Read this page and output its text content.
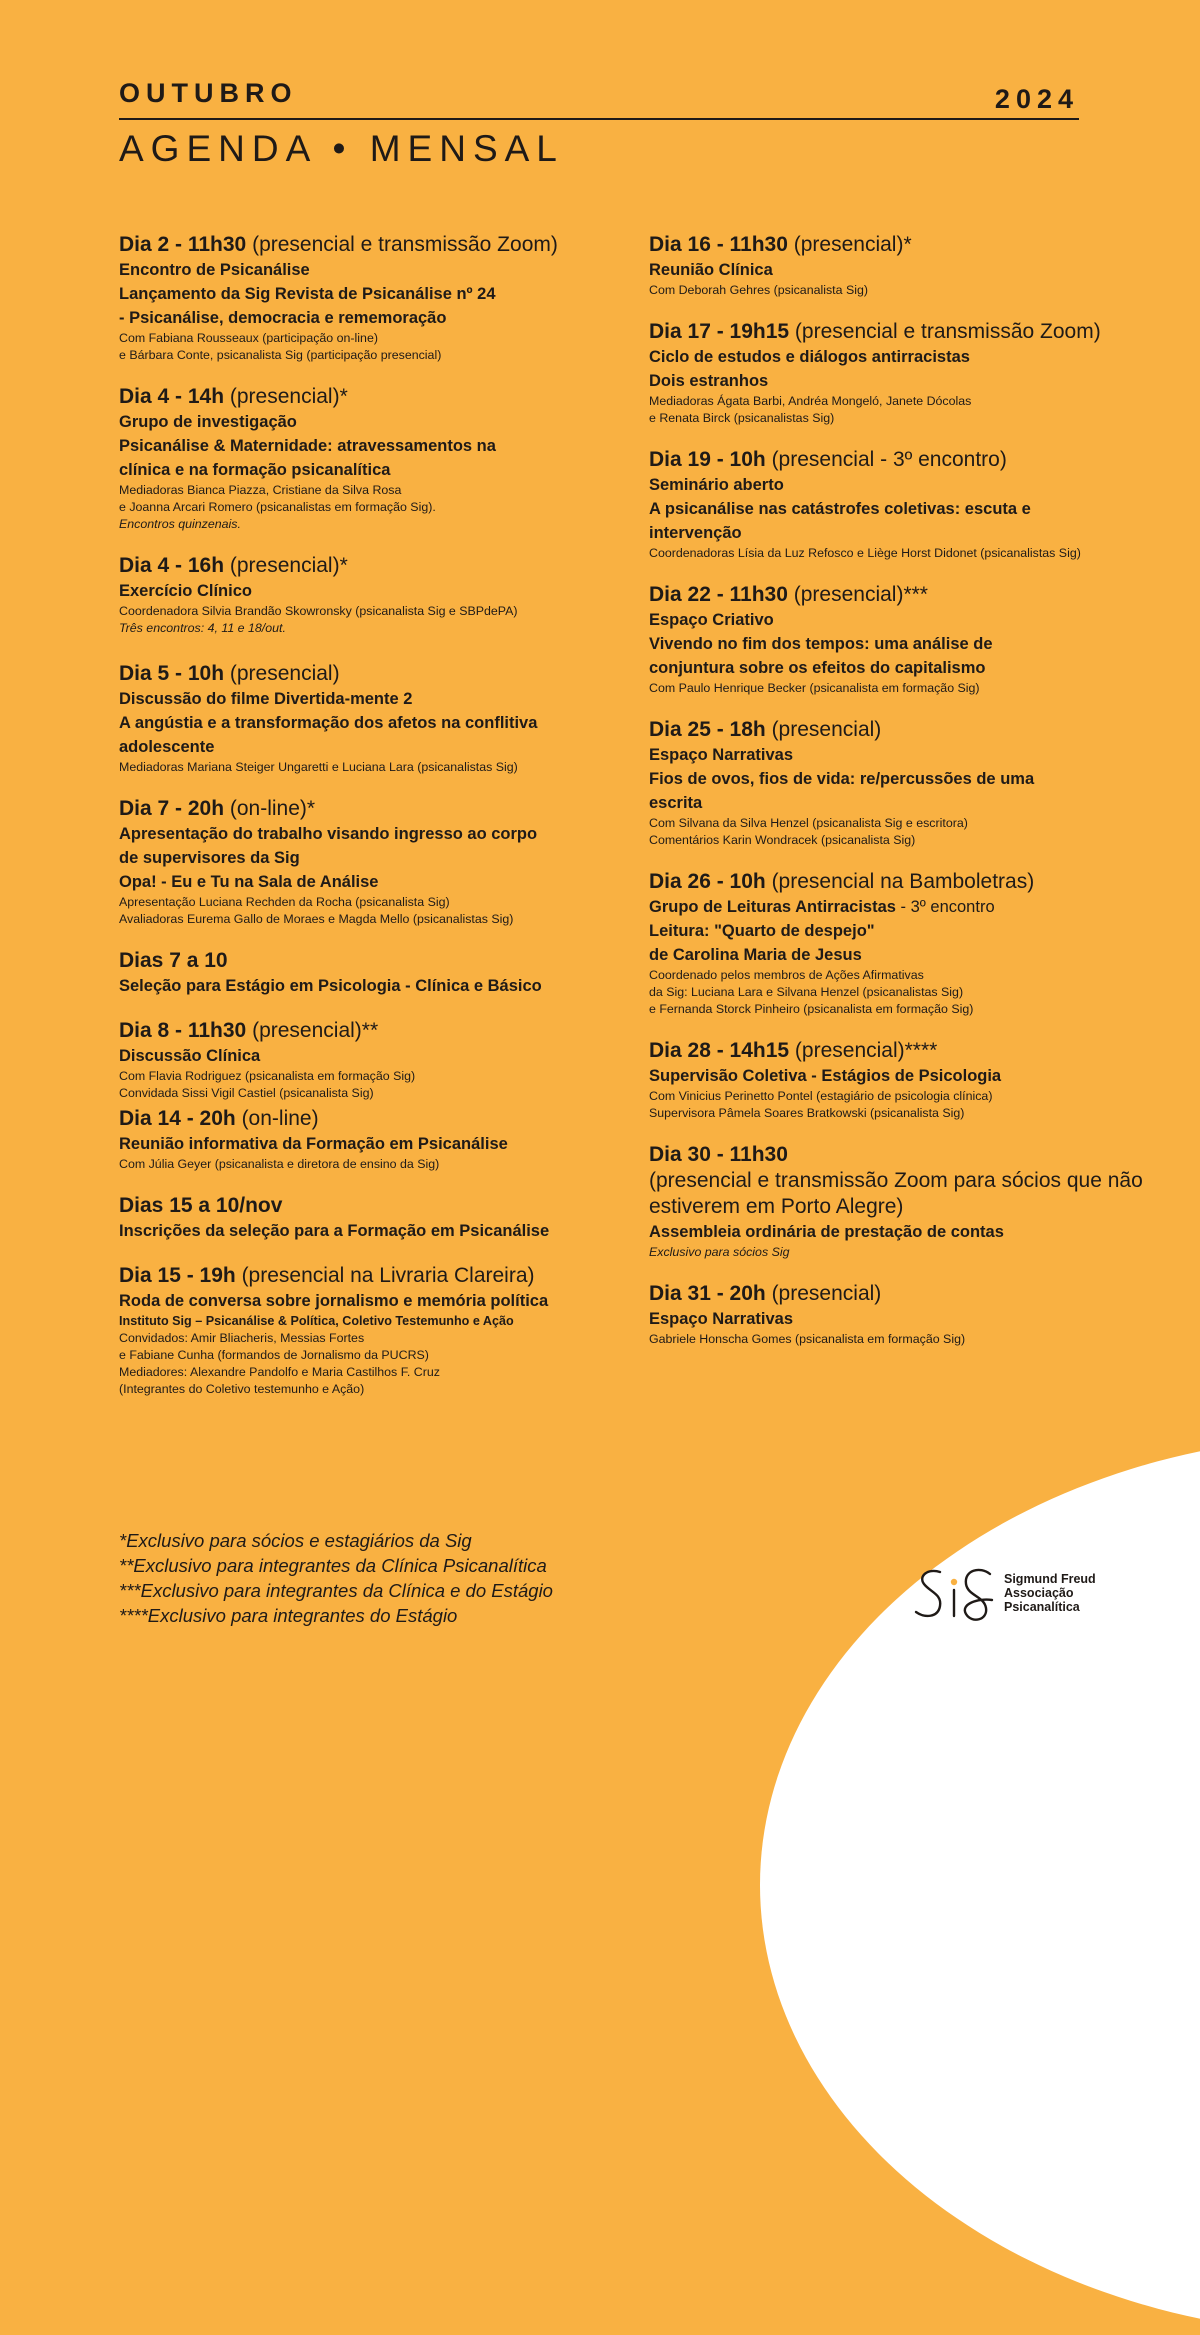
OUTUBRO	2024
AGENDA • MENSAL
Dia 2 - 11h30 (presencial e transmissão Zoom)
Encontro de Psicanálise
Lançamento da Sig Revista de Psicanálise nº 24
- Psicanálise, democracia e rememoração
Com Fabiana Rousseaux (participação on-line)
e Bárbara Conte, psicanalista Sig (participação presencial)
Dia 4 - 14h (presencial)*
Grupo de investigação
Psicanálise & Maternidade: atravessamentos na
clínica e na formação psicanalítica
Mediadoras Bianca Piazza, Cristiane da Silva Rosa
e Joanna Arcari Romero (psicanalistas em formação Sig).
Encontros quinzenais.
Dia 4 - 16h (presencial)*
Exercício Clínico
Coordenadora Silvia Brandão Skowronsky (psicanalista Sig e SBPdePA)
Três encontros: 4, 11 e 18/out.
Dia 5 - 10h (presencial)
Discussão do filme Divertida-mente 2
A angústia e a transformação dos afetos na conflitiva
adolescente
Mediadoras Mariana Steiger Ungaretti e Luciana Lara (psicanalistas Sig)
Dia 7 - 20h (on-line)*
Apresentação do trabalho visando ingresso ao corpo
de supervisores da Sig
Opa! - Eu e Tu na Sala de Análise
Apresentação Luciana Rechden da Rocha (psicanalista Sig)
Avaliadoras Eurema Gallo de Moraes e Magda Mello (psicanalistas Sig)
Dias 7 a 10
Seleção para Estágio em Psicologia - Clínica e Básico
Dia 8 - 11h30 (presencial)**
Discussão Clínica
Com Flavia Rodriguez (psicanalista em formação Sig)
Convidada Sissi Vigil Castiel (psicanalista Sig)
Dia 14 - 20h (on-line)
Reunião informativa da Formação em Psicanálise
Com Júlia Geyer (psicanalista e diretora de ensino da Sig)
Dias 15 a 10/nov
Inscrições da seleção para a Formação em Psicanálise
Dia 15 - 19h (presencial na Livraria Clareira)
Roda de conversa sobre jornalismo e memória política
Instituto Sig – Psicanálise & Política, Coletivo Testemunho e Ação
Convidados: Amir Bliacheris, Messias Fortes
e Fabiane Cunha (formandos de Jornalismo da PUCRS)
Mediadores: Alexandre Pandolfo e Maria Castilhos F. Cruz
(Integrantes do Coletivo testemunho e Ação)
Dia 16 - 11h30 (presencial)*
Reunião Clínica
Com Deborah Gehres (psicanalista Sig)
Dia 17 - 19h15 (presencial e transmissão Zoom)
Ciclo de estudos e diálogos antirracistas
Dois estranhos
Mediadoras Ágata Barbi, Andréa Mongeló, Janete Dócolas
e Renata Birck (psicanalistas Sig)
Dia 19 - 10h (presencial - 3º encontro)
Seminário aberto
A psicanálise nas catástrofes coletivas: escuta e
intervenção
Coordenadoras Lísia da Luz Refosco e Liège Horst Didonet (psicanalistas Sig)
Dia 22 - 11h30 (presencial)***
Espaço Criativo
Vivendo no fim dos tempos: uma análise de
conjuntura sobre os efeitos do capitalismo
Com Paulo Henrique Becker (psicanalista em formação Sig)
Dia 25 - 18h (presencial)
Espaço Narrativas
Fios de ovos, fios de vida: re/percussões de uma
escrita
Com Silvana da Silva Henzel (psicanalista Sig e escritora)
Comentários Karin Wondracek (psicanalista Sig)
Dia 26 - 10h (presencial na Bamboletras)
Grupo de Leituras Antirracistas - 3º encontro
Leitura: "Quarto de despejo"
de Carolina Maria de Jesus
Coordenado pelos membros de Ações Afirmativas
da Sig: Luciana Lara e Silvana Henzel (psicanalistas Sig)
e Fernanda Storck Pinheiro (psicanalista em formação Sig)
Dia 28 - 14h15 (presencial)****
Supervisão Coletiva - Estágios de Psicologia
Com Vinicius Perinetto Pontel (estagiário de psicologia clínica)
Supervisora Pâmela Soares Bratkowski (psicanalista Sig)
Dia 30 - 11h30
(presencial e transmissão Zoom para sócios que não
estiverem em Porto Alegre)
Assembleia ordinária de prestação de contas
Exclusivo para sócios Sig
Dia 31 - 20h (presencial)
Espaço Narrativas
Gabriele Honscha Gomes (psicanalista em formação Sig)
*Exclusivo para sócios e estagiários da Sig
**Exclusivo para integrantes da Clínica Psicanalítica
***Exclusivo para integrantes da Clínica e do Estágio
****Exclusivo para integrantes do Estágio
Sigmund Freud
Associação
Psicanalítica
